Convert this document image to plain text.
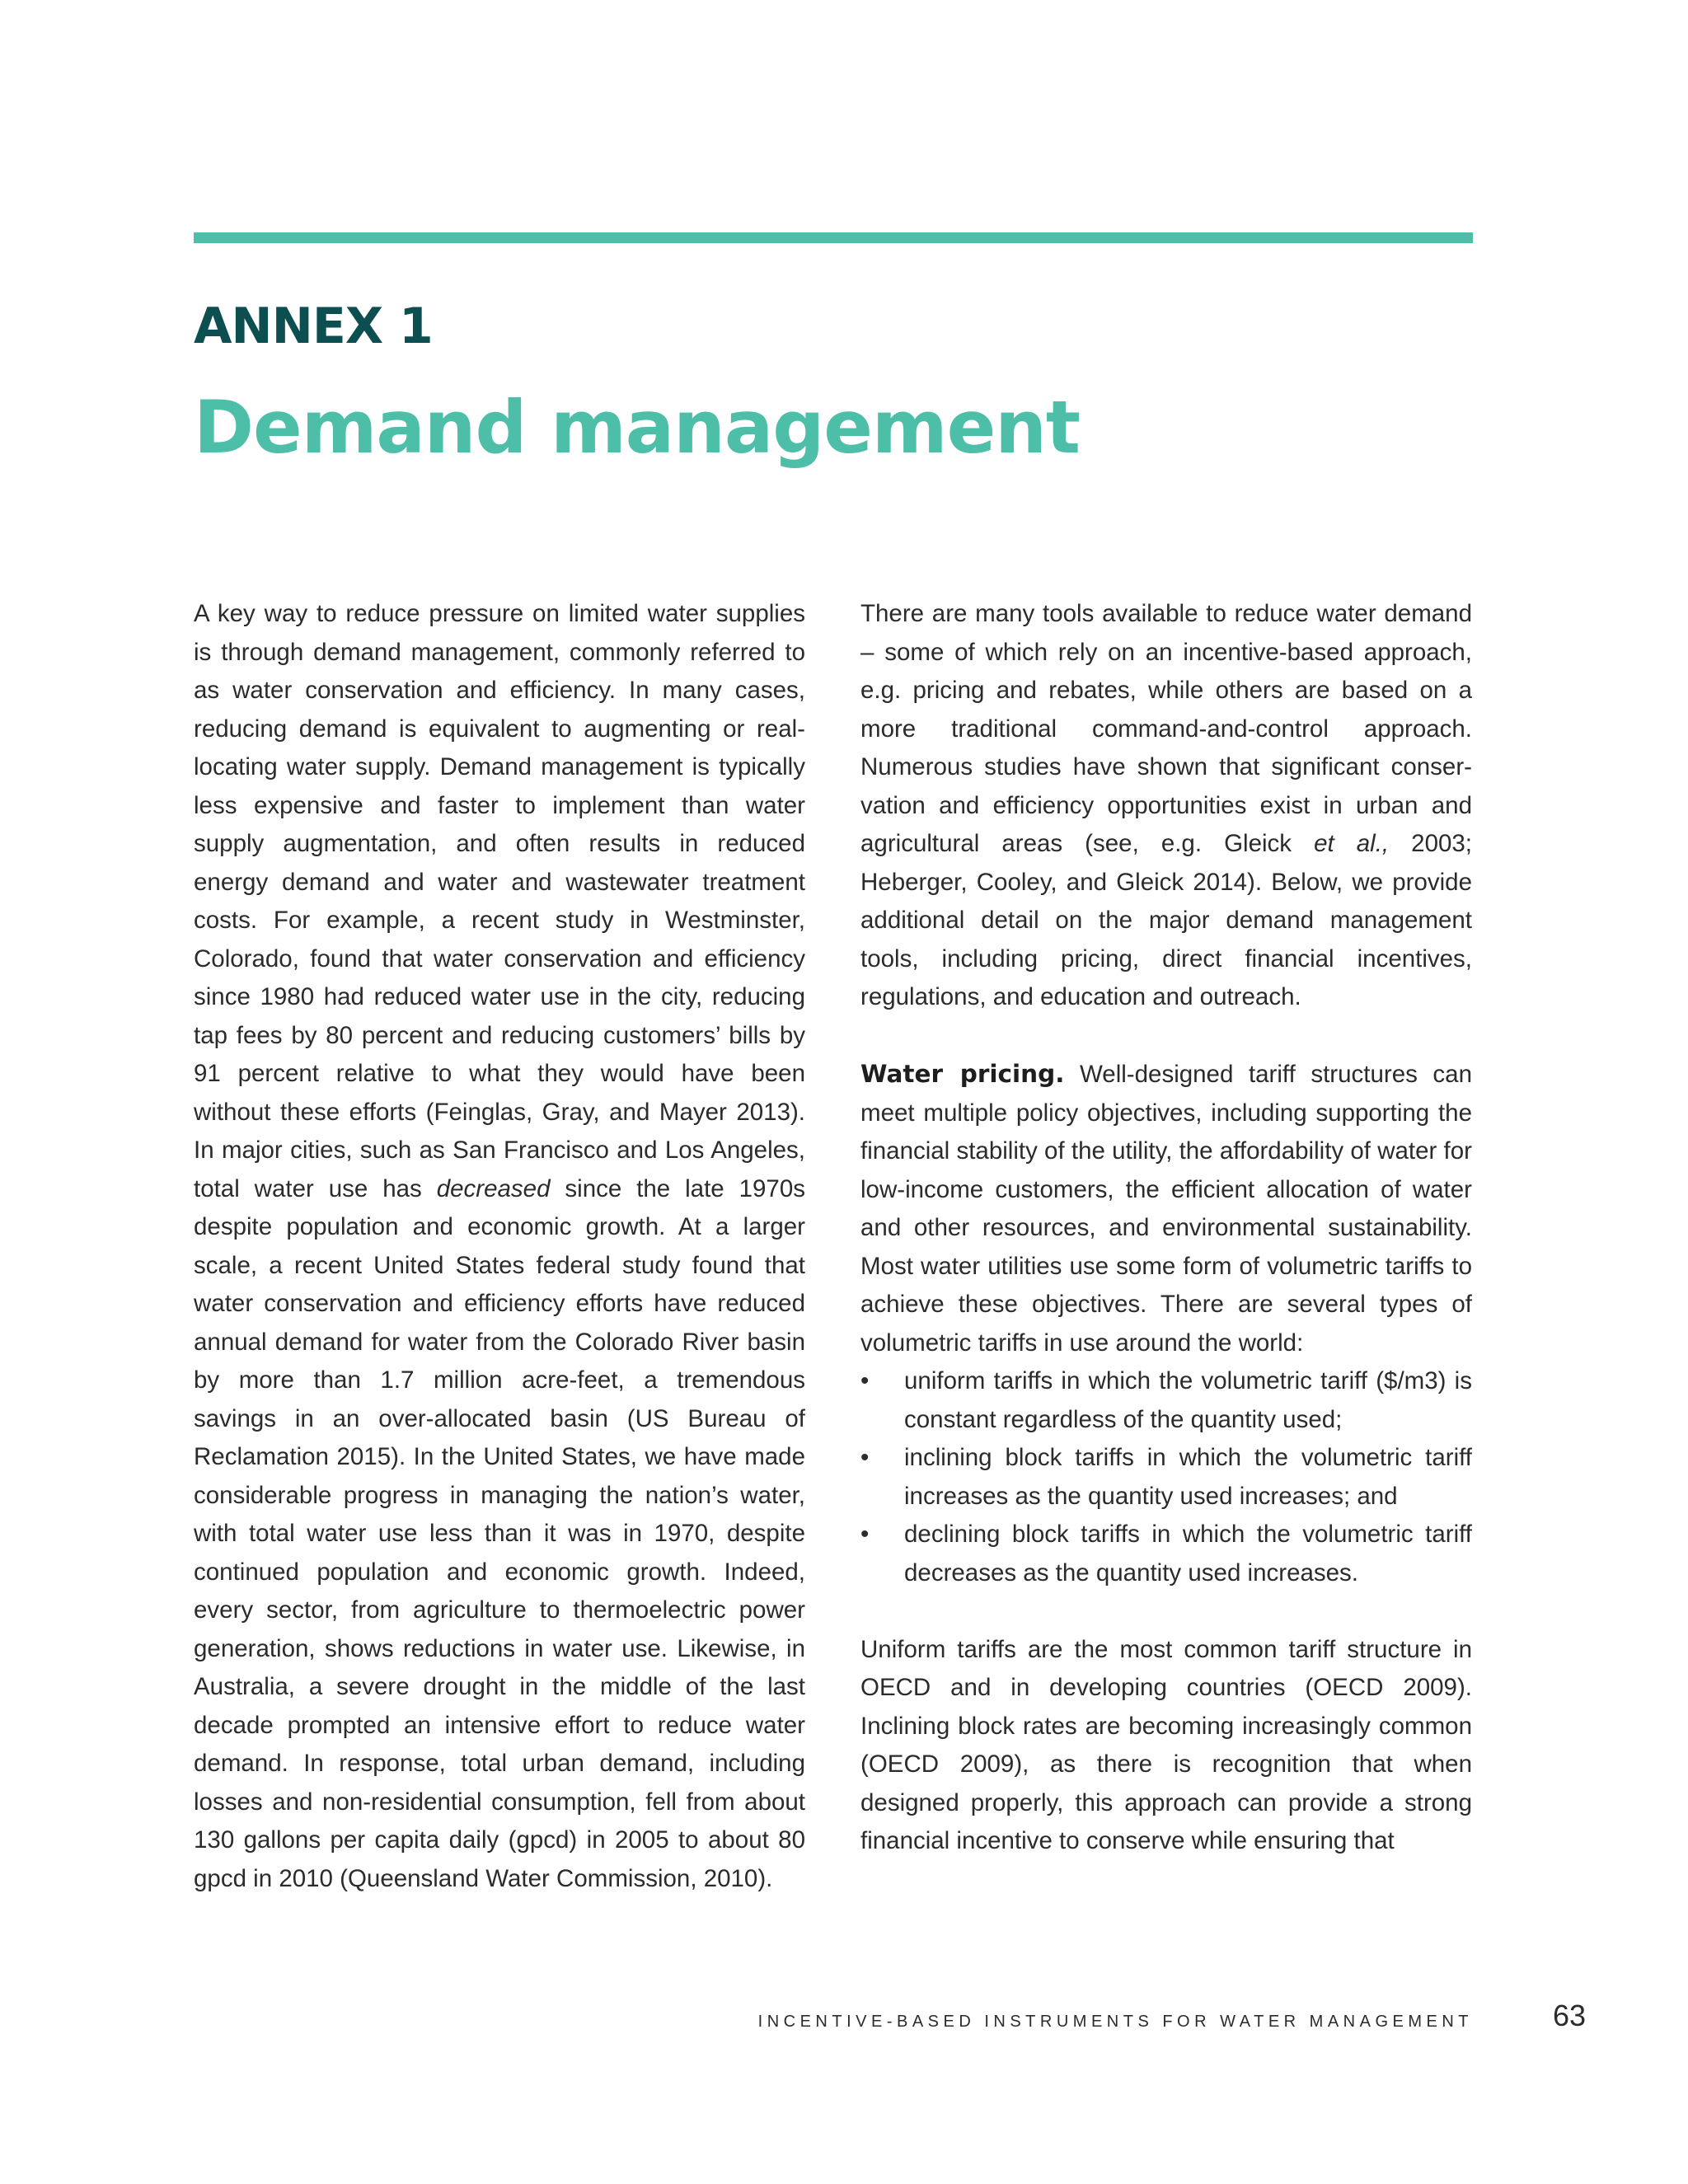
ANNEX 1
Demand management

A key way to reduce pressure on limited water supplies is through demand management, commonly referred to as water conservation and efficiency. In many cases, reducing demand is equivalent to augmenting or reallocating water supply. Demand management is typically less expensive and faster to implement than water supply augmentation, and often results in reduced energy demand and water and wastewater treatment costs. For example, a recent study in Westminster, Colorado, found that water conservation and efficiency since 1980 had reduced water use in the city, reducing tap fees by 80 percent and reducing customers’ bills by 91 percent relative to what they would have been without these efforts (Feinglas, Gray, and Mayer 2013). In major cities, such as San Francisco and Los Angeles, total water use has decreased since the late 1970s despite population and economic growth. At a larger scale, a recent United States federal study found that water conservation and efficiency efforts have reduced annual demand for water from the Colorado River basin by more than 1.7 million acre-feet, a tremendous savings in an over-allocated basin (US Bureau of Reclamation 2015). In the United States, we have made considerable progress in managing the nation’s water, with total water use less than it was in 1970, despite continued population and economic growth. Indeed, every sector, from agriculture to thermoelectric power generation, shows reductions in water use. Likewise, in Australia, a severe drought in the middle of the last decade prompted an intensive effort to reduce water demand. In response, total urban demand, including losses and non-residential consumption, fell from about 130 gallons per capita daily (gpcd) in 2005 to about 80 gpcd in 2010 (Queensland Water Commission, 2010).

There are many tools available to reduce water demand – some of which rely on an incentive-based approach, e.g. pricing and rebates, while others are based on a more traditional command-and-control approach. Numerous studies have shown that significant conservation and efficiency opportunities exist in urban and agricultural areas (see, e.g. Gleick et al., 2003; Heberger, Cooley, and Gleick 2014). Below, we provide additional detail on the major demand management tools, including pricing, direct financial incentives, regulations, and education and outreach.

Water pricing. Well-designed tariff structures can meet multiple policy objectives, including supporting the financial stability of the utility, the affordability of water for low-income customers, the efficient allocation of water and other resources, and environmental sustainability. Most water utilities use some form of volumetric tariffs to achieve these objectives. There are several types of volumetric tariffs in use around the world:

• uniform tariffs in which the volumetric tariff ($/m3) is constant regardless of the quantity used;
• inclining block tariffs in which the volumetric tariff increases as the quantity used increases; and
• declining block tariffs in which the volumetric tariff decreases as the quantity used increases.

Uniform tariffs are the most common tariff structure in OECD and in developing countries (OECD 2009). Inclining block rates are becoming increasingly common (OECD 2009), as there is recognition that when designed properly, this approach can provide a strong financial incentive to conserve while ensuring that

INCENTIVE-BASED INSTRUMENTS FOR WATER MANAGEMENT	63
